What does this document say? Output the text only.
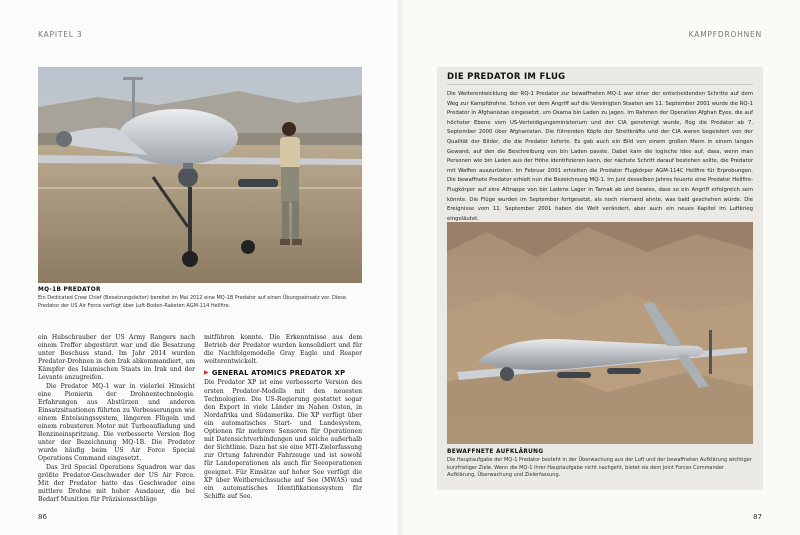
KAPITEL 3
MQ-1B PREDATOR
Ein Dedicated Crew Chief (Besatzungsleiter) bereitet im Mai 2012 eine MQ-1B Predator auf einen Übungseinsatz vor. Diese Predator der US Air Force verfügt über Luft-Boden-Raketen AGM-114 Hellfire.

ein Hubschrauber der US Army Rangers nach einem Treffer abgestürzt war und die Besatzung unter Beschuss stand. Im Jahr 2014 wurden Predator-Drohnen in den Irak abkommandiert, um Kämpfer des Islamischen Staats im Irak und der Levante anzugreifen.

Die Predator MQ-1 war in vielerlei Hinsicht eine Pionierin der Drohnentechnologie. Erfahrungen aus Abstürzen und anderen Einsatzsituationen führten zu Verbesserungen wie einem Enteisungssystem, längeren Flügeln und einem robusteren Motor mit Turboaufladung und Benzineinspritzung. Die verbesserte Version flog unter der Bezeichnung MQ-1B. Die Predator wurde häufig beim US Air Force Special Operations Command eingesetzt.

Das 3rd Special Operations Squadron war das größte Predator-Geschwader der US Air Force. Mit der Predator hatte das Geschwader eine mittlere Drohne mit hoher Ausdauer, die bei Bedarf Munition für Präzisionsschläge

mitführen konnte. Die Erkenntnisse aus dem Betrieb der Predator wurden konsolidiert und für die Nachfolgemodelle Gray Eagle und Reaper weiterentwickelt.

▶ GENERAL ATOMICS PREDATOR XP

Die Predator XP ist eine verbesserte Version des ersten Predator-Modells mit den neuesten Technologien. Die US-Regierung gestattet sogar den Export in viele Länder im Nahen Osten, in Nordafrika und Südamerika. Die XP verfügt über ein automatisches Start- und Landesystem, Optionen für mehrere Sensoren für Operationen mit Datensichtverbindungen und solche außerhalb der Sichtlinie. Dazu hat sie eine MTI-Zielerfassung zur Ortung fahrender Fahrzeuge und ist sowohl für Landoperationen als auch für Seeoperationen geeignet. Für Einsätze auf hoher See verfügt die XP über Weitbereichssuche auf See (MWAS) und ein automatisches Identifikationssystem für Schiffe auf See.

86
KAMPFDROHNEN
DIE PREDATOR IM FLUG
Die Weiterentwicklung der RQ-1 Predator zur bewaffneten MQ-1 war einer der entscheidenden Schritte auf dem Weg zur Kampfdrohne. Schon vor dem Angriff auf die Vereinigten Staaten am 11. September 2001 wurde die RQ-1 Predator in Afghanistan eingesetzt, um Osama bin Laden zu jagen. Im Rahmen der Operation Afghan Eyes, die auf höchster Ebene vom US-Verteidigungsministerium und der CIA genehmigt wurde, flog die Predator ab 7. September 2000 über Afghanistan. Die führenden Köpfe der Streitkräfte und der CIA waren begeistert von der Qualität der Bilder, die die Predator lieferte. Es gab auch ein Bild von einem großen Mann in einem langen Gewand, auf den die Beschreibung von bin Laden passte. Dabei kam die logische Idee auf, dass, wenn man Personen wie bin Laden aus der Höhe identifizieren kann, der nächste Schritt darauf bestehen sollte, die Predator mit Waffen auszurüsten. Im Februar 2001 erhielten die Predator Flugkörper AGM-114C Hellfire für Erprobungen. Die bewaffnete Predator erhielt nun die Bezeichnung MQ-1. Im Juni desselben Jahres feuerte eine Predator Hellfire-Flugkörper auf eine Attrappe von bin Ladens Lager in Tarnak ab und bewies, dass so ein Angriff erfolgreich sein könnte. Die Flüge wurden im September fortgesetzt, als noch niemand ahnte, was bald geschehen würde. Die Ereignisse vom 11. September 2001 haben die Welt verändert, aber auch ein neues Kapitel im Luftkrieg eingeläutet.
BEWAFFNETE AUFKLÄRUNG
Die Hauptaufgabe der MQ-1 Predator besteht in der Überwachung aus der Luft und der bewaffneten Aufklärung wichtiger kurzfristiger Ziele. Wenn die MQ-1 ihrer Hauptaufgabe nicht nachgeht, bietet sie dem Joint Forces Commander Aufklärung, Überwachung und Zielerfassung.
87
